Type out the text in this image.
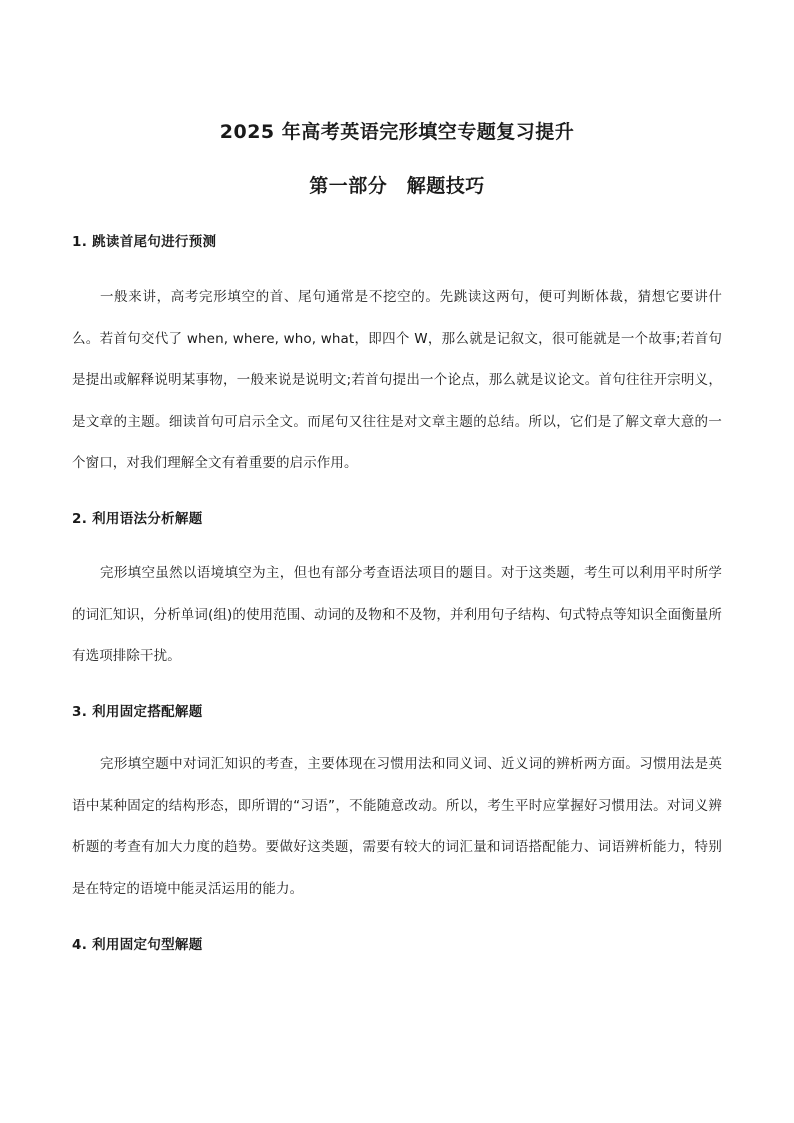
2025 年高考英语完形填空专题复习提升
第一部分　解题技巧
1. 跳读首尾句进行预测

一般来讲，高考完形填空的首、尾句通常是不挖空的。先跳读这两句，便可判断体裁，猜想它要讲什么。若首句交代了 when, where, who, what，即四个 W，那么就是记叙文，很可能就是一个故事;若首句是提出或解释说明某事物，一般来说是说明文;若首句提出一个论点，那么就是议论文。首句往往开宗明义，是文章的主题。细读首句可启示全文。而尾句又往往是对文章主题的总结。所以，它们是了解文章大意的一个窗口，对我们理解全文有着重要的启示作用。

2. 利用语法分析解题

完形填空虽然以语境填空为主，但也有部分考查语法项目的题目。对于这类题，考生可以利用平时所学的词汇知识，分析单词(组)的使用范围、动词的及物和不及物，并利用句子结构、句式特点等知识全面衡量所有选项排除干扰。

3. 利用固定搭配解题

完形填空题中对词汇知识的考查，主要体现在习惯用法和同义词、近义词的辨析两方面。习惯用法是英语中某种固定的结构形态，即所谓的“习语”，不能随意改动。所以，考生平时应掌握好习惯用法。对词义辨析题的考查有加大力度的趋势。要做好这类题，需要有较大的词汇量和词语搭配能力、词语辨析能力，特别是在特定的语境中能灵活运用的能力。

4. 利用固定句型解题
